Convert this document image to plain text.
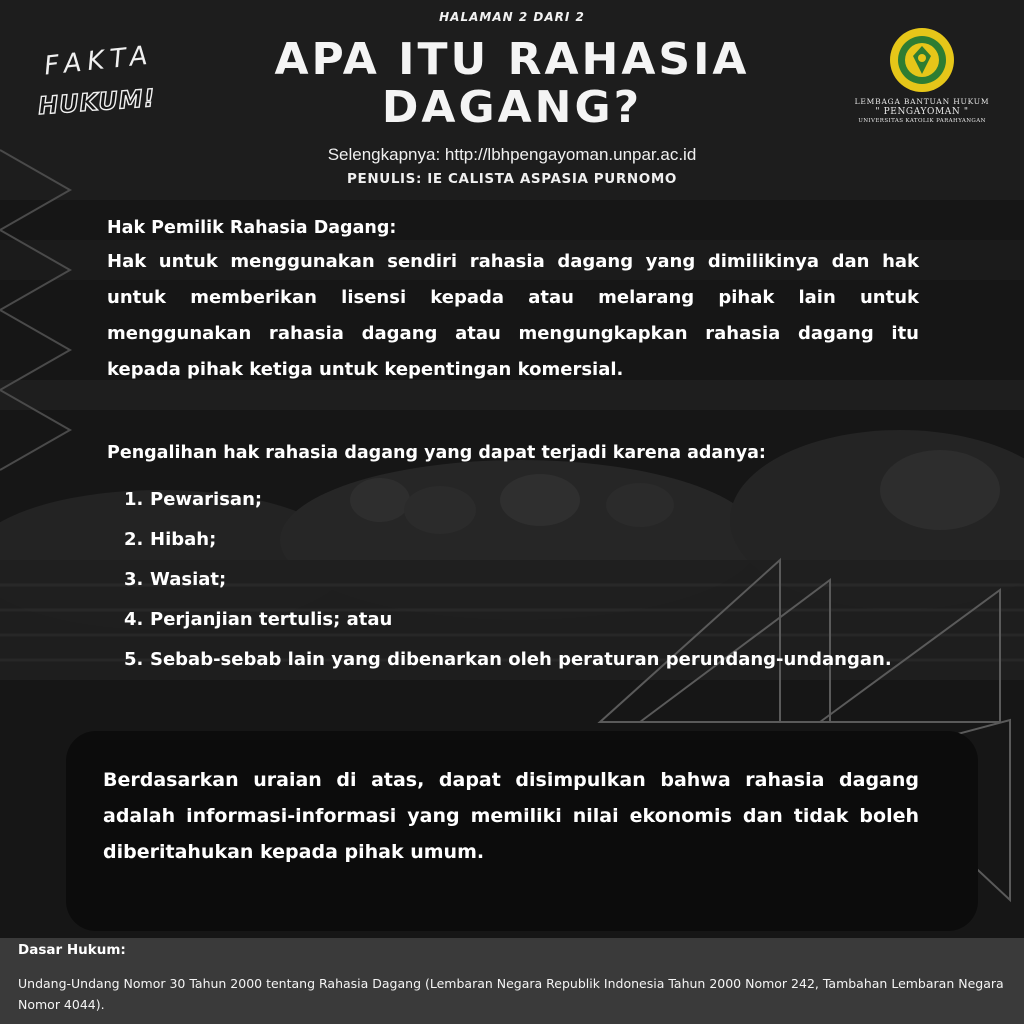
HALAMAN 2 DARI 2
FAKTA
HUKUM!
APA ITU RAHASIA DAGANG?	LEMBAGA BANTUAN HUKUM
" PENGAYOMAN "
UNIVERSITAS KATOLIK PARAHYANGAN
Selengkapnya: http://lbhpengayoman.unpar.ac.id
PENULIS: IE CALISTA ASPASIA PURNOMO
Hak Pemilik Rahasia Dagang:
Hak untuk menggunakan sendiri rahasia dagang yang dimilikinya dan hak untuk memberikan lisensi kepada atau melarang pihak lain untuk menggunakan rahasia dagang atau mengungkapkan rahasia dagang itu kepada pihak ketiga untuk kepentingan komersial.
Pengalihan hak rahasia dagang yang dapat terjadi karena adanya:
1. Pewarisan;
2. Hibah;
3. Wasiat;
4. Perjanjian tertulis; atau
5. Sebab-sebab lain yang dibenarkan oleh peraturan perundang-undangan.
Berdasarkan uraian di atas, dapat disimpulkan bahwa rahasia dagang adalah informasi-informasi yang memiliki nilai ekonomis dan tidak boleh diberitahukan kepada pihak umum.
Dasar Hukum:
Undang-Undang Nomor 30 Tahun 2000 tentang Rahasia Dagang (Lembaran Negara Republik Indonesia Tahun 2000 Nomor 242, Tambahan Lembaran Negara Nomor 4044).
